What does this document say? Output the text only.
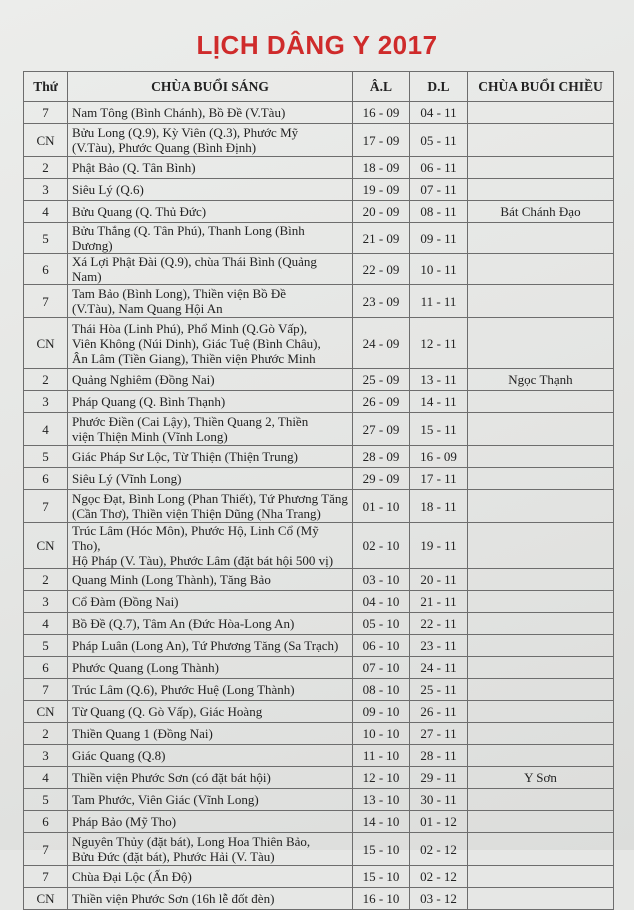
LỊCH DÂNG Y 2017
Thứ	CHÙA BUỔI SÁNG	Â.L	D.L	CHÙA BUỔI CHIỀU
7	Nam Tông (Bình Chánh), Bồ Đề (V.Tàu)	16 - 09	04 - 11	
CN	Bửu Long (Q.9), Kỳ Viên (Q.3), Phước Mỹ
(V.Tàu), Phước Quang (Bình Định)	17 - 09	05 - 11	
2	Phật Bảo (Q. Tân Bình)	18 - 09	06 - 11	
3	Siêu Lý (Q.6)	19 - 09	07 - 11	
4	Bửu Quang (Q. Thủ Đức)	20 - 09	08 - 11	Bát Chánh Đạo
5	Bửu Thắng (Q. Tân Phú), Thanh Long (Bình Dương)	21 - 09	09 - 11	
6	Xá Lợi Phật Đài (Q.9), chùa Thái Bình (Quảng Nam)	22 - 09	10 - 11	
7	Tam Bảo (Bình Long), Thiền viện Bồ Đề
(V.Tàu), Nam Quang Hội An	23 - 09	11 - 11	
CN	Thái Hòa (Linh Phú), Phổ Minh (Q.Gò Vấp),
Viên Không (Núi Dinh), Giác Tuệ (Bình Châu),
Ân Lâm (Tiền Giang), Thiền viện Phước Minh	24 - 09	12 - 11	
2	Quảng Nghiêm (Đồng Nai)	25 - 09	13 - 11	Ngọc Thạnh
3	Pháp Quang (Q. Bình Thạnh)	26 - 09	14 - 11	
4	Phước Điền (Cai Lậy), Thiền Quang 2, Thiền
viện Thiện Minh (Vĩnh Long)	27 - 09	15 - 11	
5	Giác Pháp Sư Lộc, Từ Thiện (Thiện Trung)	28 - 09	16 - 09	
6	Siêu Lý (Vĩnh Long)	29 - 09	17 - 11	
7	Ngọc Đạt, Bình Long (Phan Thiết), Tứ Phương Tăng
(Cần Thơ), Thiền viện Thiện Dũng (Nha Trang)	01 - 10	18 - 11	
CN	Trúc Lâm (Hóc Môn), Phước Hộ, Linh Cổ (Mỹ Tho),
Hộ Pháp (V. Tàu), Phước Lâm (đặt bát hội 500 vị)	02 - 10	19 - 11	
2	Quang Minh (Long Thành), Tăng Bảo	03 - 10	20 - 11	
3	Cổ Đàm (Đồng Nai)	04 - 10	21 - 11	
4	Bồ Đề (Q.7), Tâm An (Đức Hòa-Long An)	05 - 10	22 - 11	
5	Pháp Luân (Long An), Tứ Phương Tăng (Sa Trạch)	06 - 10	23 - 11	
6	Phước Quang (Long Thành)	07 - 10	24 - 11	
7	Trúc Lâm (Q.6), Phước Huệ (Long Thành)	08 - 10	25 - 11	
CN	Từ Quang (Q. Gò Vấp), Giác Hoàng	09 - 10	26 - 11	
2	Thiền Quang 1 (Đồng Nai)	10 - 10	27 - 11	
3	Giác Quang (Q.8)	11 - 10	28 - 11	
4	Thiền viện Phước Sơn (có đặt bát hội)	12 - 10	29 - 11	Y Sơn
5	Tam Phước, Viên Giác (Vĩnh Long)	13 - 10	30 - 11	
6	Pháp Bảo (Mỹ Tho)	14 - 10	01 - 12	
7	Nguyên Thủy (đặt bát), Long Hoa Thiên Bảo,
Bửu Đức (đặt bát), Phước Hải (V. Tàu)	15 - 10	02 - 12	
7	Chùa Đại Lộc (Ấn Độ)	15 - 10	02 - 12	
CN	Thiền viện Phước Sơn (16h lễ đốt đèn)	16 - 10	03 - 12	
